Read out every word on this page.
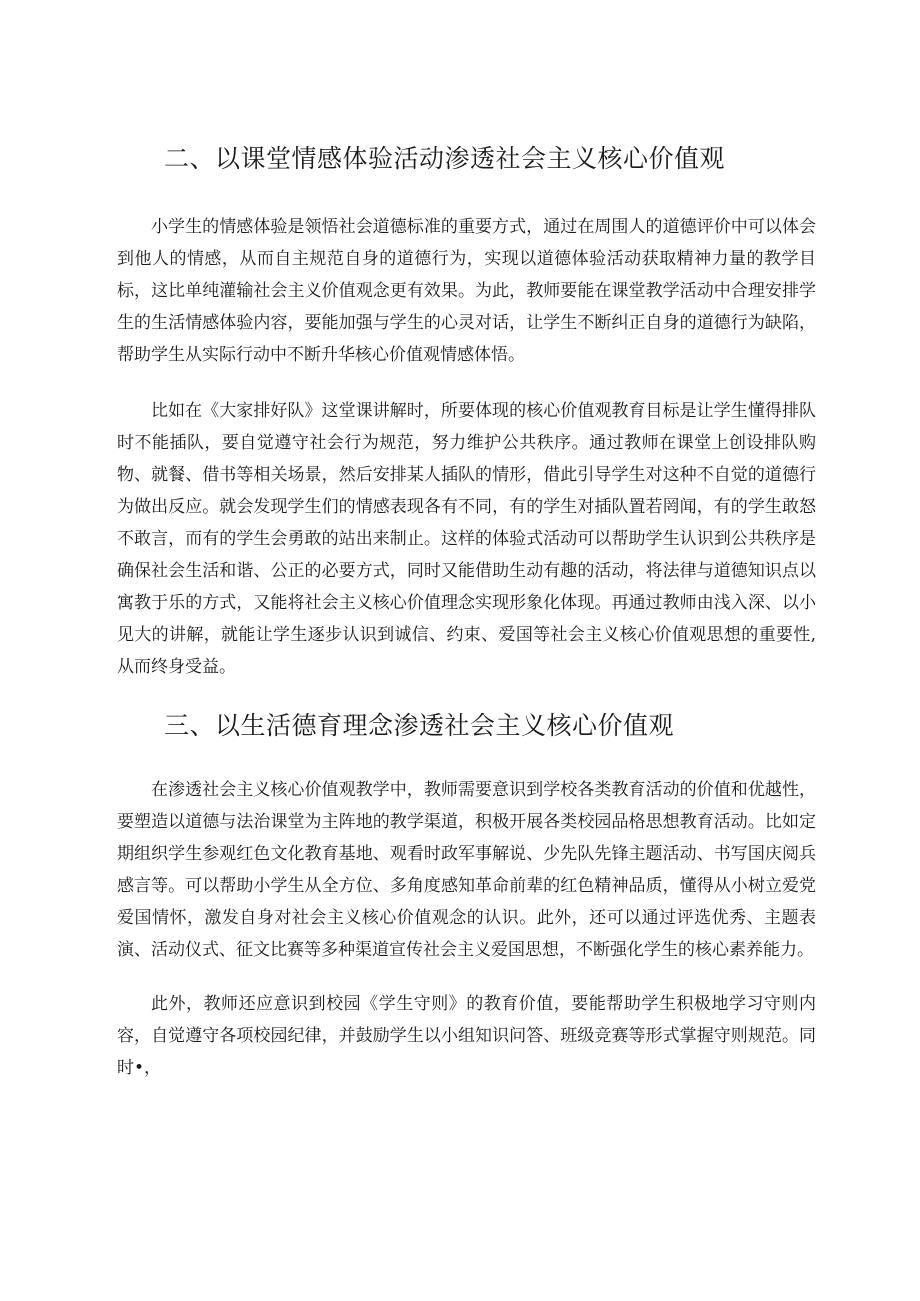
二、以课堂情感体验活动渗透社会主义核心价值观

小学生的情感体验是领悟社会道德标准的重要方式，通过在周围人的道德评价中可以体会到他人的情感，从而自主规范自身的道德行为，实现以道德体验活动获取精神力量的教学目标，这比单纯灌输社会主义价值观念更有效果。为此，教师要能在课堂教学活动中合理安排学生的生活情感体验内容，要能加强与学生的心灵对话，让学生不断纠正自身的道德行为缺陷，帮助学生从实际行动中不断升华核心价值观情感体悟。

比如在《大家排好队》这堂课讲解时，所要体现的核心价值观教育目标是让学生懂得排队时不能插队，要自觉遵守社会行为规范，努力维护公共秩序。通过教师在课堂上创设排队购物、就餐、借书等相关场景，然后安排某人插队的情形，借此引导学生对这种不自觉的道德行为做出反应。就会发现学生们的情感表现各有不同，有的学生对插队置若罔闻，有的学生敢怒不敢言，而有的学生会勇敢的站出来制止。这样的体验式活动可以帮助学生认识到公共秩序是确保社会生活和谐、公正的必要方式，同时又能借助生动有趣的活动，将法律与道德知识点以寓教于乐的方式，又能将社会主义核心价值理念实现形象化体现。再通过教师由浅入深、以小见大的讲解，就能让学生逐步认识到诚信、约束、爱国等社会主义核心价值观思想的重要性,从而终身受益。

三、以生活德育理念渗透社会主义核心价值观

在渗透社会主义核心价值观教学中，教师需要意识到学校各类教育活动的价值和优越性，要塑造以道德与法治课堂为主阵地的教学渠道，积极开展各类校园品格思想教育活动。比如定期组织学生参观红色文化教育基地、观看时政军事解说、少先队先锋主题活动、书写国庆阅兵感言等。可以帮助小学生从全方位、多角度感知革命前辈的红色精神品质，懂得从小树立爱党爱国情怀，激发自身对社会主义核心价值观念的认识。此外，还可以通过评选优秀、主题表演、活动仪式、征文比赛等多种渠道宣传社会主义爱国思想，不断强化学生的核心素养能力。

此外，教师还应意识到校园《学生守则》的教育价值，要能帮助学生积极地学习守则内容，自觉遵守各项校园纪律，并鼓励学生以小组知识问答、班级竞赛等形式掌握守则规范。同时•，
